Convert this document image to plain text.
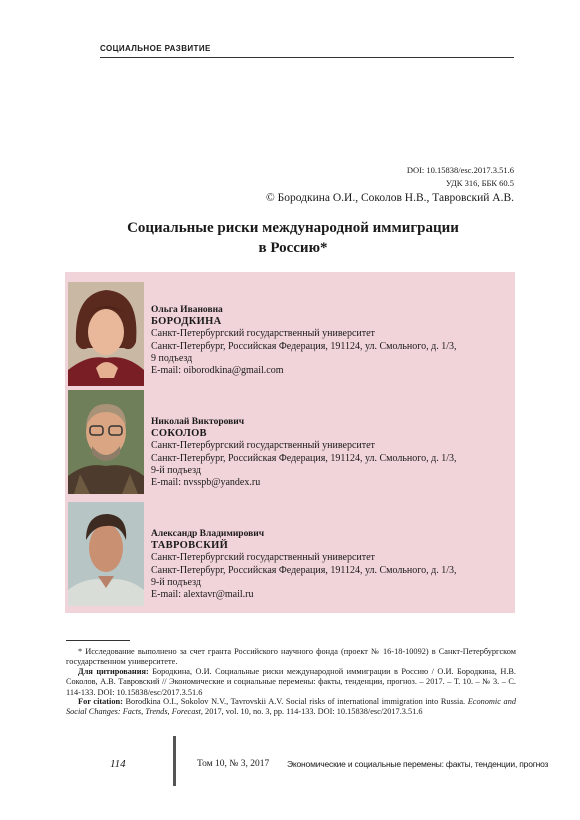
СОЦИАЛЬНОЕ РАЗВИТИЕ
DOI: 10.15838/esc.2017.3.51.6
УДК 316, ББК 60.5
© Бородкина О.И., Соколов Н.В., Тавровский А.В.
Социальные риски международной иммиграции
в Россию*
Ольга Ивановна
БОРОДКИНА
Санкт-Петербургский государственный университет
Санкт-Петербург, Российская Федерация, 191124, ул. Смольного, д. 1/3,
9 подъезд
E-mail: oiborodkina@gmail.com
Николай Викторович
СОКОЛОВ
Санкт-Петербургский государственный университет
Санкт-Петербург, Российская Федерация, 191124, ул. Смольного, д. 1/3,
9-й подъезд
E-mail: nvsspb@yandex.ru
Александр Владимирович
ТАВРОВСКИЙ
Санкт-Петербургский государственный университет
Санкт-Петербург, Российская Федерация, 191124, ул. Смольного, д. 1/3,
9-й подъезд
E-mail: alextavr@mail.ru
* Исследование выполнено за счет гранта Российского научного фонда (проект № 16-18-10092) в Санкт-Петербургском государственном университете.
Для цитирования: Бородкина, О.И. Социальные риски международной иммиграции в Россию / О.И. Бородкина, Н.В. Соколов, А.В. Тавровский // Экономические и социальные перемены: факты, тенденции, прогноз. – 2017. – Т. 10. – № 3. – С. 114-133. DOI: 10.15838/esc/2017.3.51.6
For citation: Borodkina O.I., Sokolov N.V., Tavrovskii A.V. Social risks of international immigration into Russia. Economic and Social Changes: Facts, Trends, Forecast, 2017, vol. 10, no. 3, pp. 114-133. DOI: 10.15838/esc/2017.3.51.6
114	Том 10, № 3, 2017 Экономические и социальные перемены: факты, тенденции, прогноз
